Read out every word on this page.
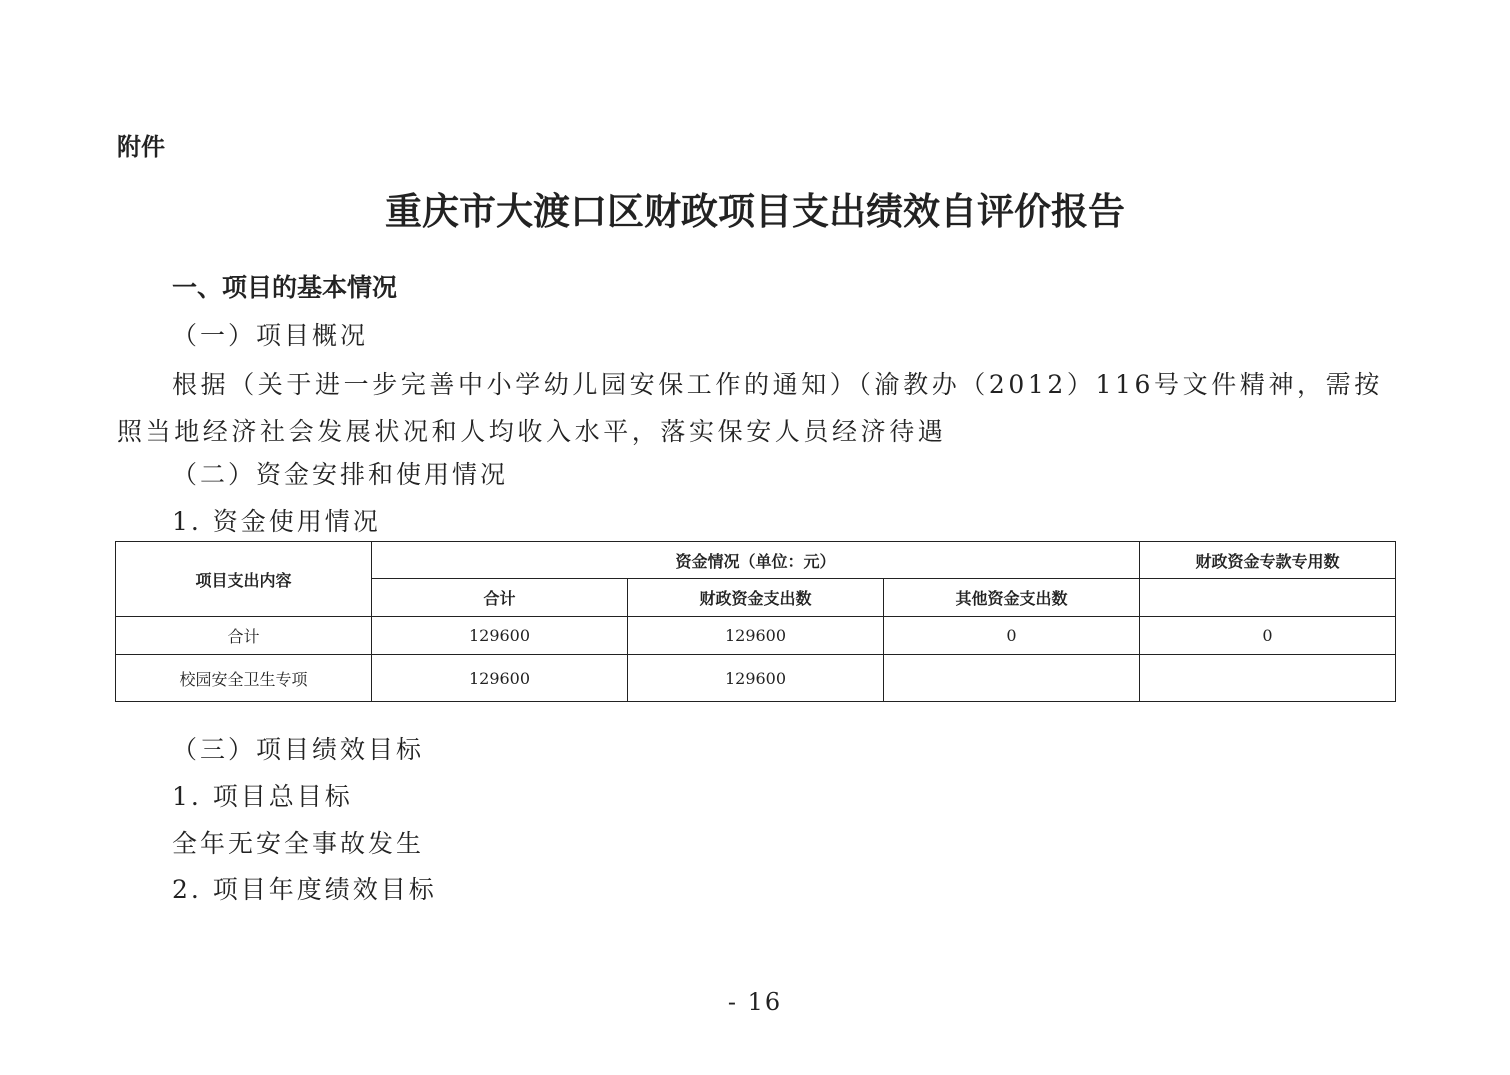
附件
重庆市大渡口区财政项目支出绩效自评价报告
一、项目的基本情况
（一）项目概况
根据（关于进一步完善中小学幼儿园安保工作的通知）（渝教办（2012）116号文件精神，需按照当地经济社会发展状况和人均收入水平，落实保安人员经济待遇
（二）资金安排和使用情况
1. 资金使用情况
项目支出内容	资金情况（单位：元）			财政资金专款专用数
	合计	财政资金支出数	其他资金支出数	
合计	129600	129600	0	0
校园安全卫生专项	129600	129600		
（三）项目绩效目标
1. 项目总目标
全年无安全事故发生
2. 项目年度绩效目标
- 16
